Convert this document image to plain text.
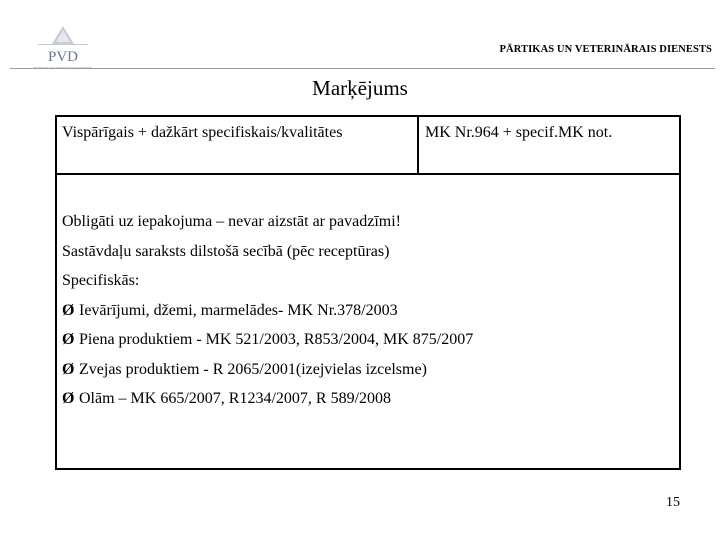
PVD	PĀRTIKAS UN VETERINĀRAIS DIENESTS
Marķējums
Vispārīgais + dažkārt specifiskais/kvalitātes	MK Nr.964 + specif.MK not.
Obligāti uz iepakojuma – nevar aizstāt ar pavadzīmi!
Sastāvdaļu saraksts dilstošā secībā (pēc receptūras)
Specifiskās:
Ø Ievārījumi, džemi, marmelādes- MK Nr.378/2003
Ø Piena produktiem - MK 521/2003, R853/2004, MK 875/2007
Ø Zvejas produktiem - R 2065/2001(izejvielas izcelsme)
Ø Olām – MK 665/2007, R1234/2007, R 589/2008
15
